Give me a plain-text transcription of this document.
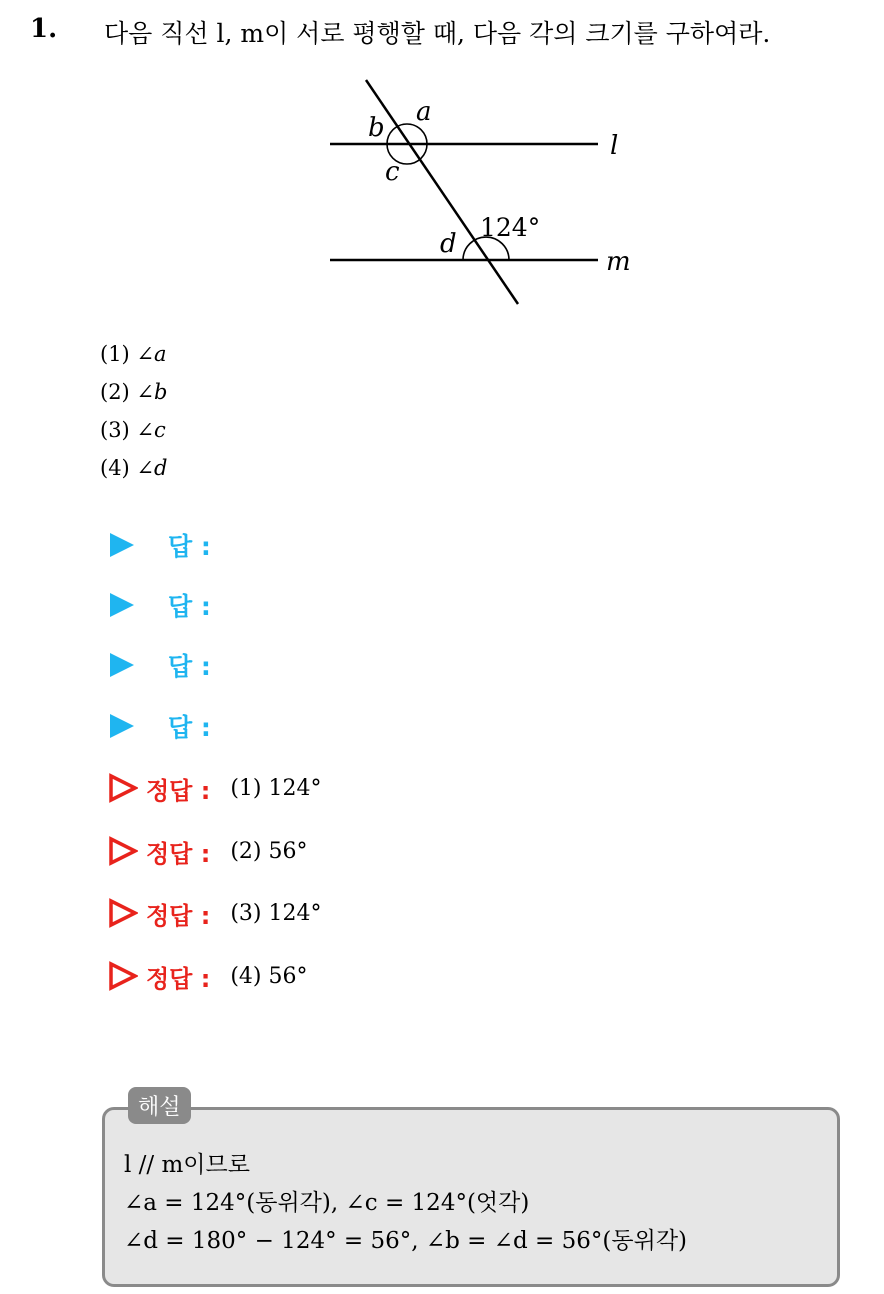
1. 다음 직선 l, m이 서로 평행할 때, 다음 각의 크기를 구하여라.
a
b
c
d
124°
l
m
(1) ∠a
(2) ∠b
(3) ∠c
(4) ∠d
답 :
답 :
답 :
답 :
정답 : (1) 124°
정답 : (2) 56°
정답 : (3) 124°
정답 : (4) 56°
해설
l // m이므로
∠a = 124°(동위각), ∠c = 124°(엇각)
∠d = 180° − 124° = 56°, ∠b = ∠d = 56°(동위각)
